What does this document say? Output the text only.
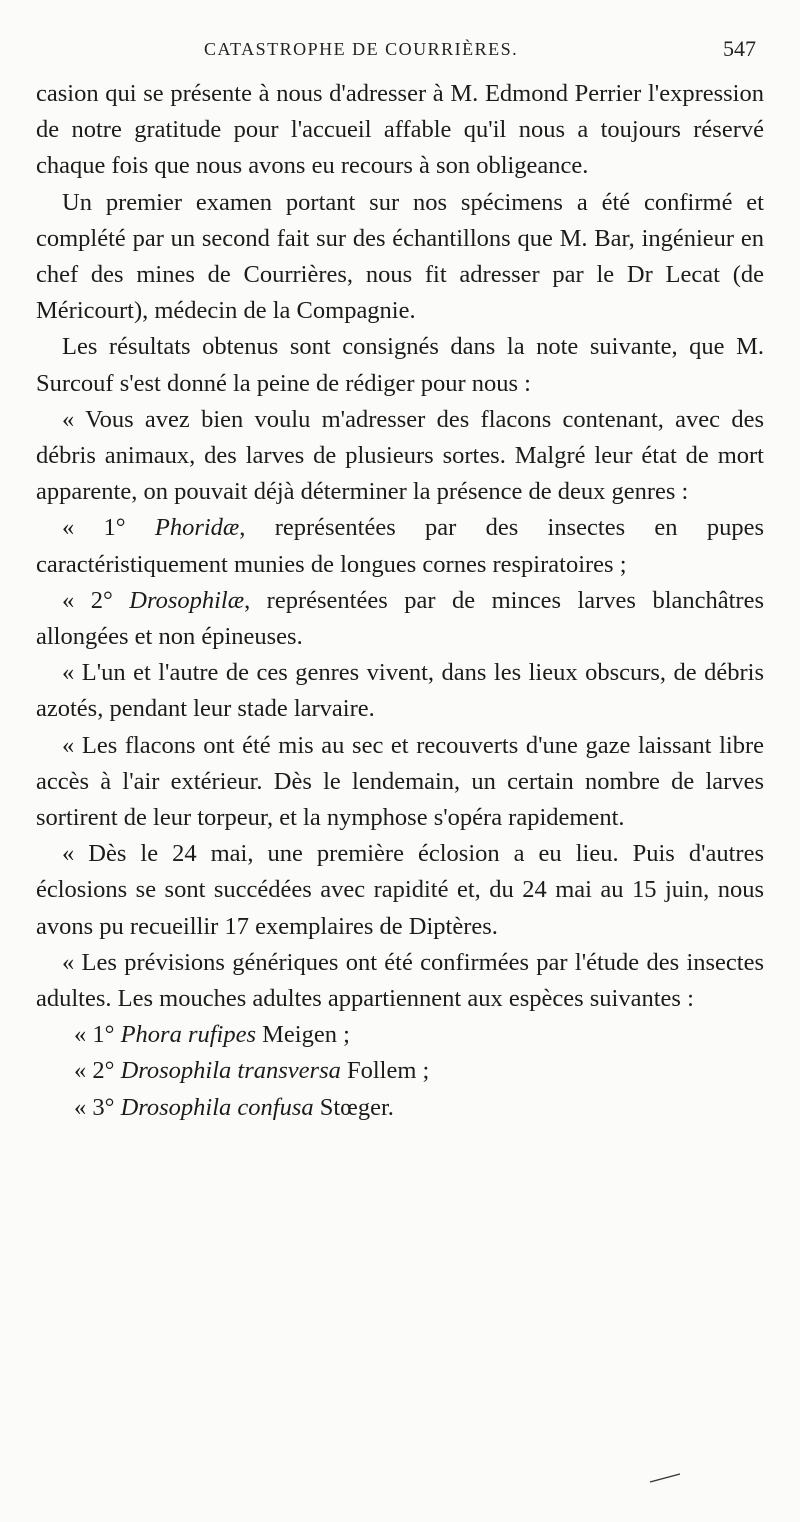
CATASTROPHE DE COURRIÈRES.	547

casion qui se présente à nous d'adresser à M. Edmond Perrier l'expression de notre gratitude pour l'accueil affable qu'il nous a toujours réservé chaque fois que nous avons eu recours à son obligeance.

Un premier examen portant sur nos spécimens a été confirmé et complété par un second fait sur des échantillons que M. Bar, ingénieur en chef des mines de Courrières, nous fit adresser par le Dr Lecat (de Méricourt), médecin de la Compagnie.

Les résultats obtenus sont consignés dans la note suivante, que M. Surcouf s'est donné la peine de rédiger pour nous :

« Vous avez bien voulu m'adresser des flacons contenant, avec des débris animaux, des larves de plusieurs sortes. Malgré leur état de mort apparente, on pouvait déjà déterminer la présence de deux genres :

« 1° Phoridæ, représentées par des insectes en pupes caractéristiquement munies de longues cornes respiratoires ;

« 2° Drosophilæ, représentées par de minces larves blanchâtres allongées et non épineuses.

« L'un et l'autre de ces genres vivent, dans les lieux obscurs, de débris azotés, pendant leur stade larvaire.

« Les flacons ont été mis au sec et recouverts d'une gaze laissant libre accès à l'air extérieur. Dès le lendemain, un certain nombre de larves sortirent de leur torpeur, et la nymphose s'opéra rapidement.

« Dès le 24 mai, une première éclosion a eu lieu. Puis d'autres éclosions se sont succédées avec rapidité et, du 24 mai au 15 juin, nous avons pu recueillir 17 exemplaires de Diptères.

« Les prévisions génériques ont été confirmées par l'étude des insectes adultes. Les mouches adultes appartiennent aux espèces suivantes :

« 1° Phora rufipes Meigen ;

« 2° Drosophila transversa Follem ;

« 3° Drosophila confusa Stœger.
